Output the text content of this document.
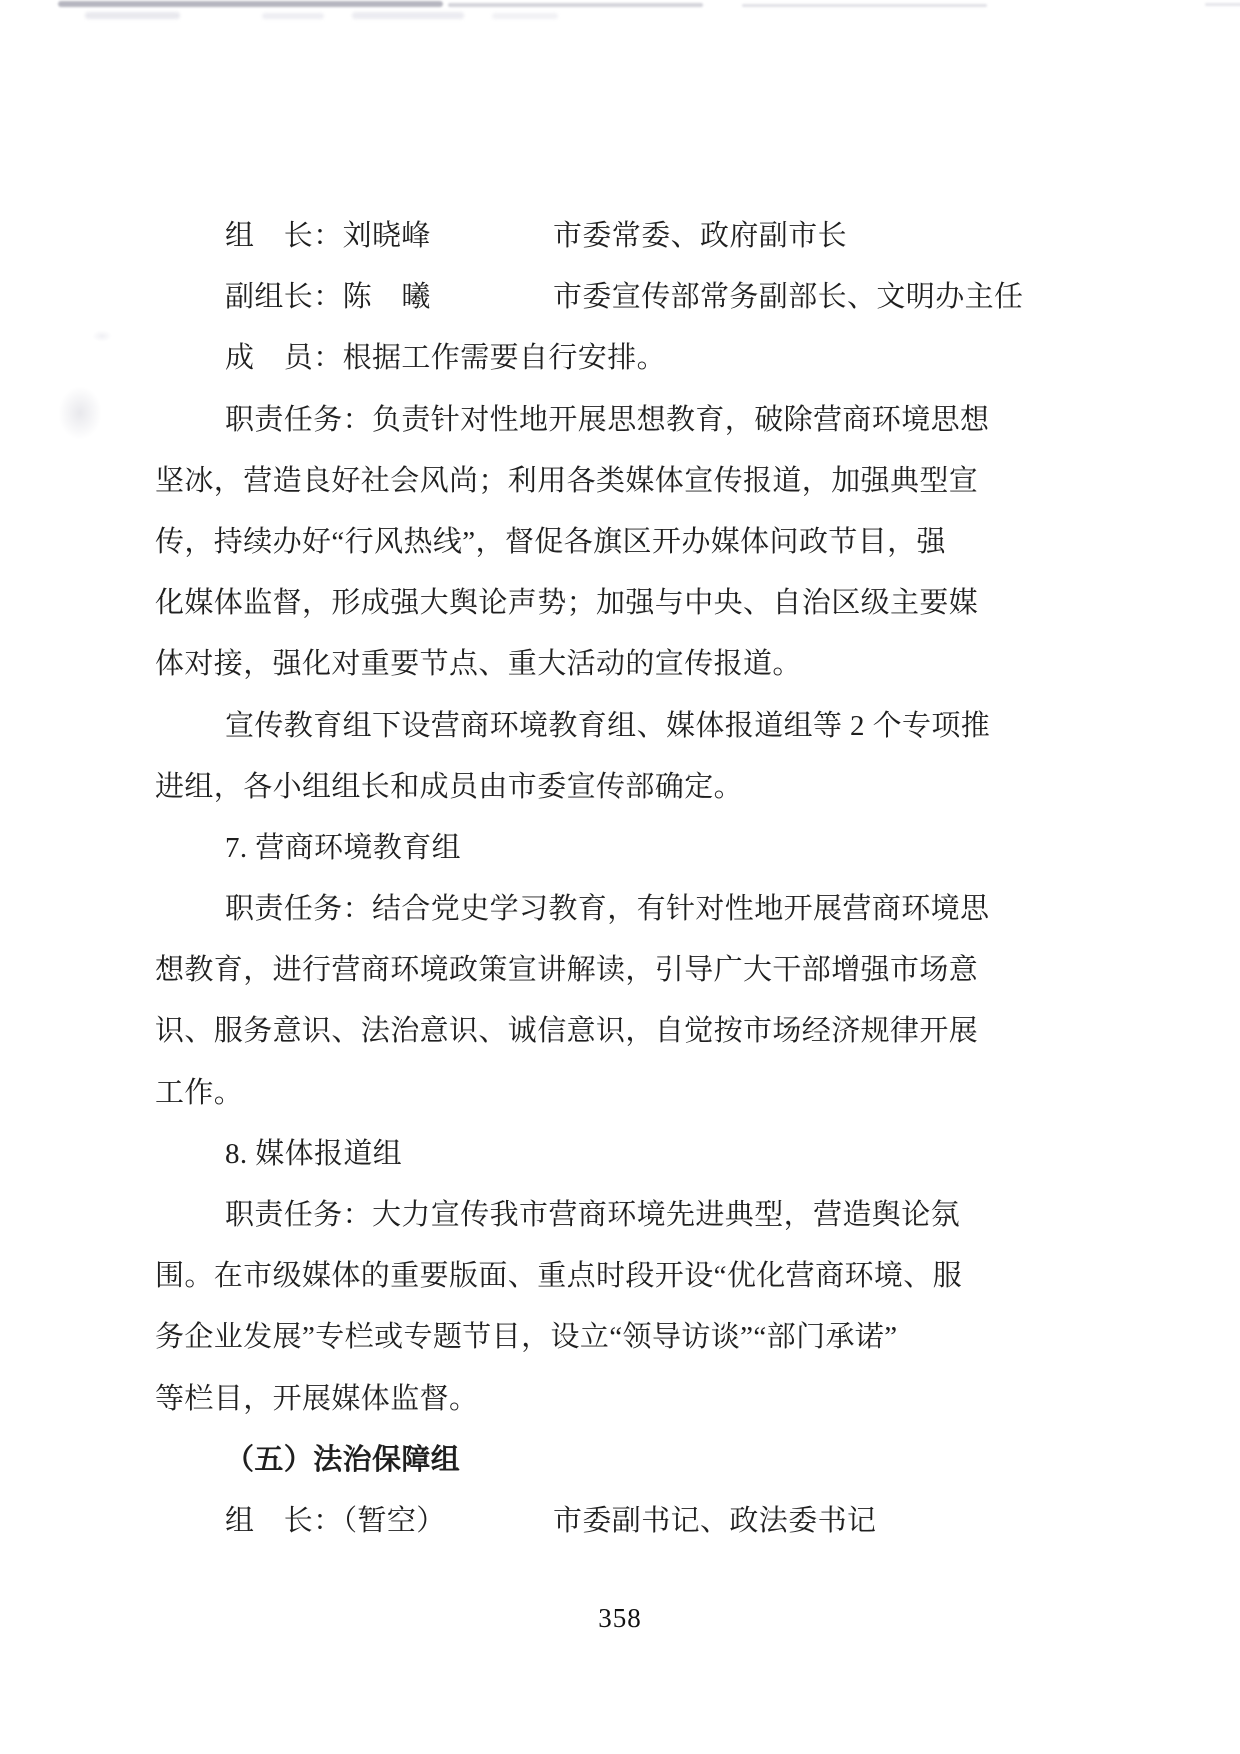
组　长：刘晓峰	市委常委、政府副市长
副组长：陈　曦	市委宣传部常务副部长、文明办主任
成　员：根据工作需要自行安排。
职责任务：负责针对性地开展思想教育，破除营商环境思想
坚冰，营造良好社会风尚；利用各类媒体宣传报道，加强典型宣
传，持续办好“行风热线”，督促各旗区开办媒体问政节目，强
化媒体监督，形成强大舆论声势；加强与中央、自治区级主要媒
体对接，强化对重要节点、重大活动的宣传报道。
宣传教育组下设营商环境教育组、媒体报道组等 2 个专项推
进组，各小组组长和成员由市委宣传部确定。
7. 营商环境教育组
职责任务：结合党史学习教育，有针对性地开展营商环境思
想教育，进行营商环境政策宣讲解读，引导广大干部增强市场意
识、服务意识、法治意识、诚信意识，自觉按市场经济规律开展
工作。
8. 媒体报道组
职责任务：大力宣传我市营商环境先进典型，营造舆论氛
围。在市级媒体的重要版面、重点时段开设“优化营商环境、服
务企业发展”专栏或专题节目，设立“领导访谈”“部门承诺”
等栏目，开展媒体监督。
（五）法治保障组
组　长：（暂空）	市委副书记、政法委书记
358
